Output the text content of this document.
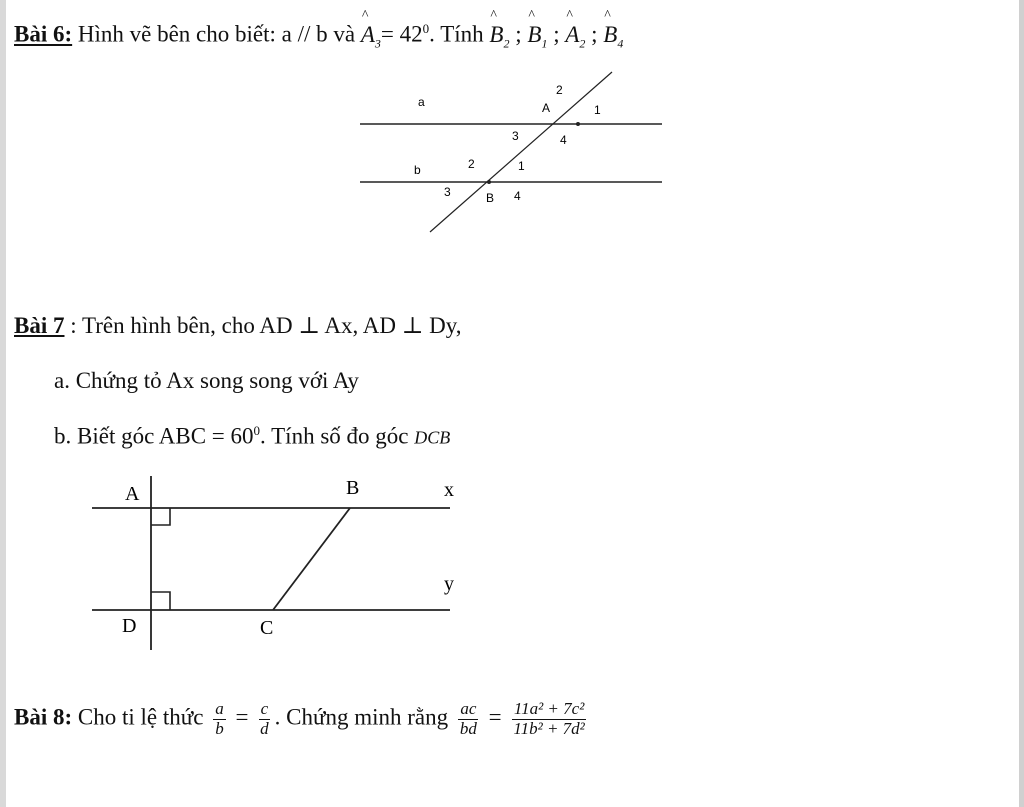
Bài 6: Hình vẽ bên cho biết: a // b và ^ $A_3= 42^0$. Tính ^ $B_2$ ; ^ $B_1$ ; ^ $A_2$ ; ^ $B_4$
a	A
2
1
3	4
b	2	1
3	B 4
Bài 7 : Trên hình bên, cho AD ⊥ Ax, AD ⊥ Dy,
a. Chứng tỏ Ax song song với Ay
b. Biết góc ABC = $60^0$. Tính số đo góc DCB
A	B	x
y
D	C
Bài 8: Cho ti lệ thức $\frac{a}{b} = \frac{c}{d}$ . Chứng minh rằng $\frac{ac}{bd} = \frac{\text{11a² + 7c²}}{\text{11b² + 7d²}}$
